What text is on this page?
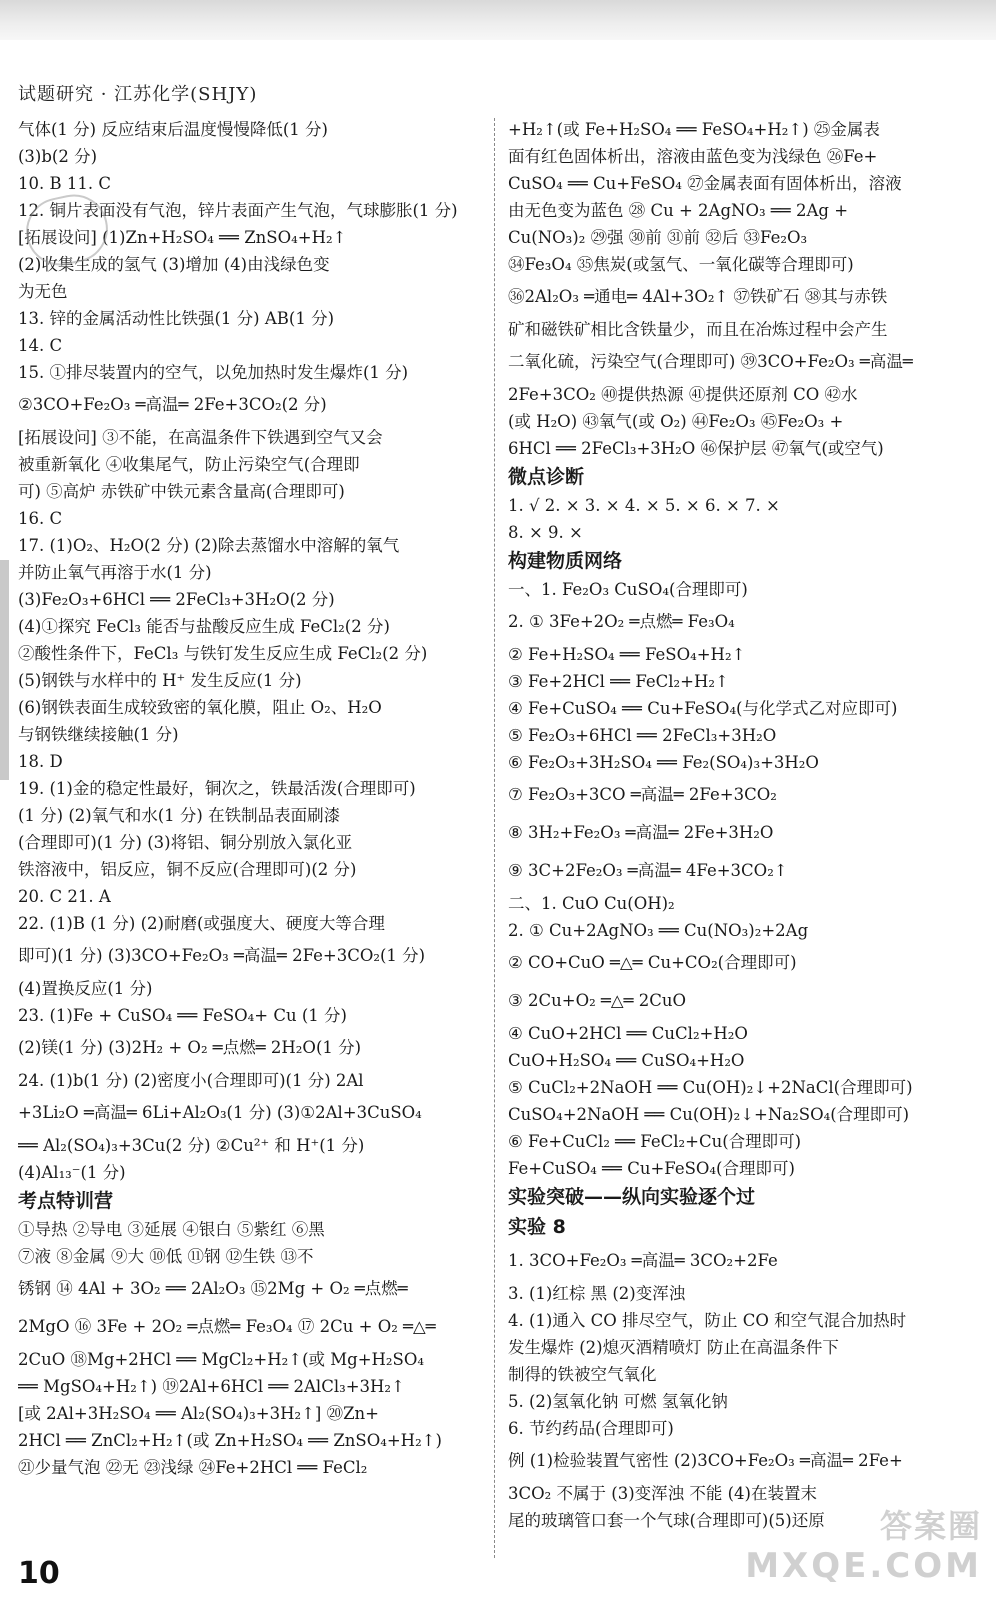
试题研究 · 江苏化学(SHJY)
气体(1 分) 反应结束后温度慢慢降低(1 分)
(3)b(2 分)
10. B 11. C
12. 铜片表面没有气泡，锌片表面产生气泡，气球膨胀(1 分)
[拓展设问] (1)Zn+H₂SO₄ ══ ZnSO₄+H₂↑
(2)收集生成的氢气 (3)增加 (4)由浅绿色变
为无色
13. 锌的金属活动性比铁强(1 分) AB(1 分)
14. C
15. ①排尽装置内的空气，以免加热时发生爆炸(1 分)
②3CO+Fe₂O₃ ═高温═ 2Fe+3CO₂(2 分)
[拓展设问] ③不能，在高温条件下铁遇到空气又会
被重新氧化 ④收集尾气，防止污染空气(合理即
可) ⑤高炉 赤铁矿中铁元素含量高(合理即可)
16. C
17. (1)O₂、H₂O(2 分) (2)除去蒸馏水中溶解的氧气
并防止氧气再溶于水(1 分)
(3)Fe₂O₃+6HCl ══ 2FeCl₃+3H₂O(2 分)
(4)①探究 FeCl₃ 能否与盐酸反应生成 FeCl₂(2 分)
②酸性条件下，FeCl₃ 与铁钉发生反应生成 FeCl₂(2 分)
(5)钢铁与水样中的 H⁺ 发生反应(1 分)
(6)钢铁表面生成较致密的氧化膜，阻止 O₂、H₂O
与钢铁继续接触(1 分)
18. D
19. (1)金的稳定性最好，铜次之，铁最活泼(合理即可)
(1 分) (2)氧气和水(1 分) 在铁制品表面刷漆
(合理即可)(1 分) (3)将铝、铜分别放入氯化亚
铁溶液中，铝反应，铜不反应(合理即可)(2 分)
20. C 21. A
22. (1)B (1 分) (2)耐磨(或强度大、硬度大等合理
即可)(1 分) (3)3CO+Fe₂O₃ ═高温═ 2Fe+3CO₂(1 分)
(4)置换反应(1 分)
23. (1)Fe + CuSO₄ ══ FeSO₄+ Cu (1 分)
(2)镁(1 分) (3)2H₂ + O₂ ═点燃═ 2H₂O(1 分)
24. (1)b(1 分) (2)密度小(合理即可)(1 分) 2Al
+3Li₂O ═高温═ 6Li+Al₂O₃(1 分) (3)①2Al+3CuSO₄
══ Al₂(SO₄)₃+3Cu(2 分) ②Cu²⁺ 和 H⁺(1 分)
(4)Al₁₃⁻(1 分)
考点特训营
①导热 ②导电 ③延展 ④银白 ⑤紫红 ⑥黑
⑦液 ⑧金属 ⑨大 ⑩低 ⑪钢 ⑫生铁 ⑬不
锈钢 ⑭ 4Al + 3O₂ ══ 2Al₂O₃ ⑮2Mg + O₂ ═点燃═
2MgO ⑯ 3Fe + 2O₂ ═点燃═ Fe₃O₄ ⑰ 2Cu + O₂ ═△═
2CuO ⑱Mg+2HCl ══ MgCl₂+H₂↑(或 Mg+H₂SO₄
══ MgSO₄+H₂↑) ⑲2Al+6HCl ══ 2AlCl₃+3H₂↑
[或 2Al+3H₂SO₄ ══ Al₂(SO₄)₃+3H₂↑] ⑳Zn+
2HCl ══ ZnCl₂+H₂↑(或 Zn+H₂SO₄ ══ ZnSO₄+H₂↑)
㉑少量气泡 ㉒无 ㉓浅绿 ㉔Fe+2HCl ══ FeCl₂
+H₂↑(或 Fe+H₂SO₄ ══ FeSO₄+H₂↑) ㉕金属表
面有红色固体析出，溶液由蓝色变为浅绿色 ㉖Fe+
CuSO₄ ══ Cu+FeSO₄ ㉗金属表面有固体析出，溶液
由无色变为蓝色 ㉘ Cu + 2AgNO₃ ══ 2Ag +
Cu(NO₃)₂ ㉙强 ㉚前 ㉛前 ㉜后 ㉝Fe₂O₃
㉞Fe₃O₄ ㉟焦炭(或氢气、一氧化碳等合理即可)
㊱2Al₂O₃ ═通电═ 4Al+3O₂↑ ㊲铁矿石 ㊳其与赤铁
矿和磁铁矿相比含铁量少，而且在冶炼过程中会产生
二氧化硫，污染空气(合理即可) ㊴3CO+Fe₂O₃ ═高温═
2Fe+3CO₂ ㊵提供热源 ㊶提供还原剂 CO ㊷水
(或 H₂O) ㊸氧气(或 O₂) ㊹Fe₂O₃ ㊺Fe₂O₃ +
6HCl ══ 2FeCl₃+3H₂O ㊻保护层 ㊼氧气(或空气)
微点诊断
1. √ 2. × 3. × 4. × 5. × 6. × 7. ×
8. × 9. ×
构建物质网络
一、1. Fe₂O₃ CuSO₄(合理即可)
2. ① 3Fe+2O₂ ═点燃═ Fe₃O₄
② Fe+H₂SO₄ ══ FeSO₄+H₂↑
③ Fe+2HCl ══ FeCl₂+H₂↑
④ Fe+CuSO₄ ══ Cu+FeSO₄(与化学式乙对应即可)
⑤ Fe₂O₃+6HCl ══ 2FeCl₃+3H₂O
⑥ Fe₂O₃+3H₂SO₄ ══ Fe₂(SO₄)₃+3H₂O
⑦ Fe₂O₃+3CO ═高温═ 2Fe+3CO₂
⑧ 3H₂+Fe₂O₃ ═高温═ 2Fe+3H₂O
⑨ 3C+2Fe₂O₃ ═高温═ 4Fe+3CO₂↑
二、1. CuO Cu(OH)₂
2. ① Cu+2AgNO₃ ══ Cu(NO₃)₂+2Ag
② CO+CuO ═△═ Cu+CO₂(合理即可)
③ 2Cu+O₂ ═△═ 2CuO
④ CuO+2HCl ══ CuCl₂+H₂O
CuO+H₂SO₄ ══ CuSO₄+H₂O
⑤ CuCl₂+2NaOH ══ Cu(OH)₂↓+2NaCl(合理即可)
CuSO₄+2NaOH ══ Cu(OH)₂↓+Na₂SO₄(合理即可)
⑥ Fe+CuCl₂ ══ FeCl₂+Cu(合理即可)
Fe+CuSO₄ ══ Cu+FeSO₄(合理即可)
实验突破——纵向实验逐个过
实验 8
1. 3CO+Fe₂O₃ ═高温═ 3CO₂+2Fe
3. (1)红棕 黑 (2)变浑浊
4. (1)通入 CO 排尽空气，防止 CO 和空气混合加热时
发生爆炸 (2)熄灭酒精喷灯 防止在高温条件下
制得的铁被空气氧化
5. (2)氢氧化钠 可燃 氢氧化钠
6. 节约药品(合理即可)
例 (1)检验装置气密性 (2)3CO+Fe₂O₃ ═高温═ 2Fe+
3CO₂ 不属于 (3)变浑浊 不能 (4)在装置末
尾的玻璃管口套一个气球(合理即可)(5)还原
10
答案圈
MXQE.COM
